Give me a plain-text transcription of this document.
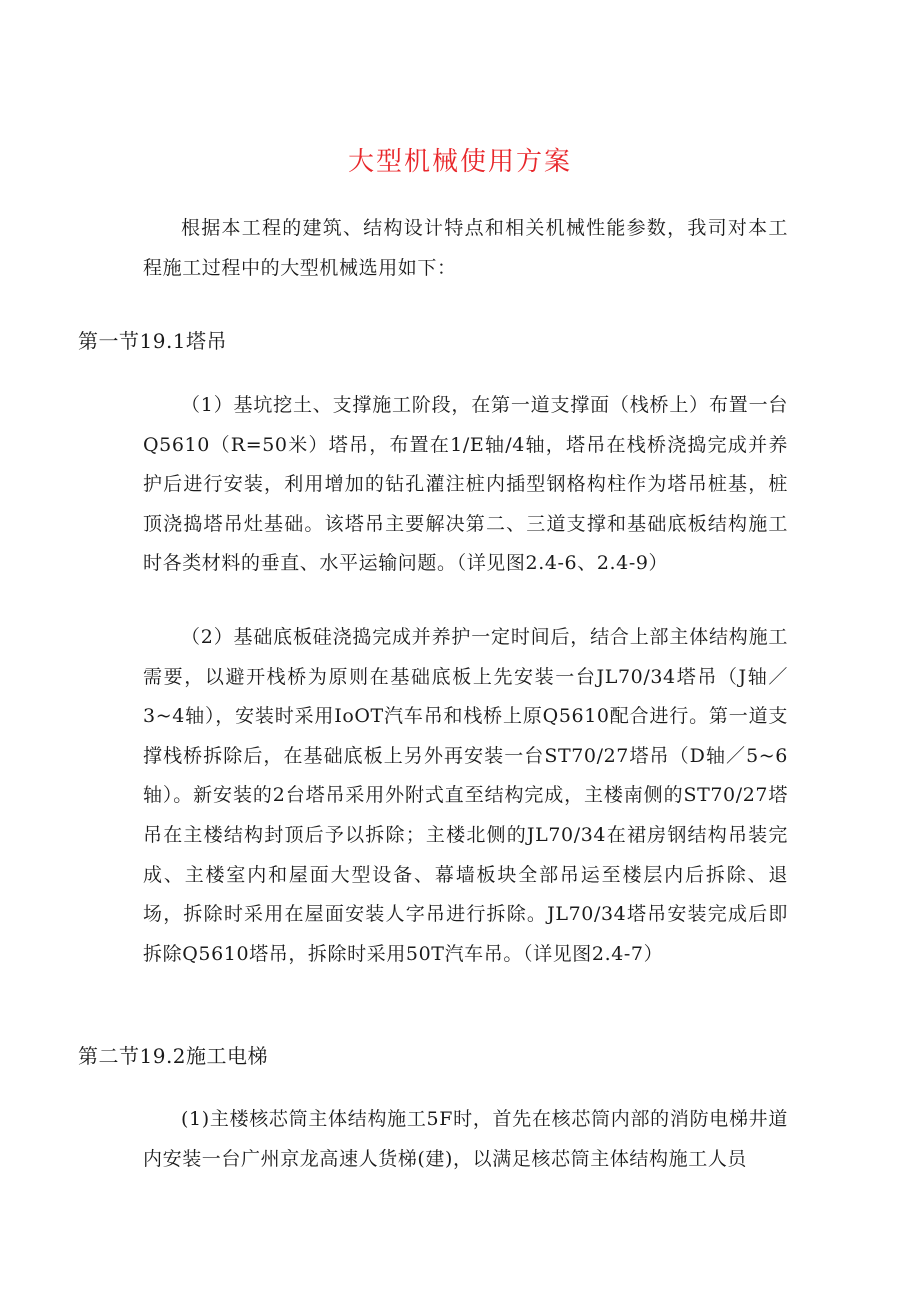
大型机械使用方案

根据本工程的建筑、结构设计特点和相关机械性能参数，我司对本工程施工过程中的大型机械选用如下：

第一节19.1塔吊

（1）基坑挖土、支撑施工阶段，在第一道支撑面（栈桥上）布置一台Q5610（R=50米）塔吊，布置在1/E轴/4轴，塔吊在栈桥浇捣完成并养护后进行安装，利用增加的钻孔灌注桩内插型钢格构柱作为塔吊桩基，桩顶浇捣塔吊灶基础。该塔吊主要解决第二、三道支撑和基础底板结构施工时各类材料的垂直、水平运输问题。（详见图2.4-6、2.4-9）

（2）基础底板硅浇捣完成并养护一定时间后，结合上部主体结构施工需要，以避开栈桥为原则在基础底板上先安装一台JL70/34塔吊（J轴／3~4轴），安装时采用IoOT汽车吊和栈桥上原Q5610配合进行。第一道支撑栈桥拆除后，在基础底板上另外再安装一台ST70/27塔吊（D轴／5~6轴）。新安装的2台塔吊采用外附式直至结构完成，主楼南侧的ST70/27塔吊在主楼结构封顶后予以拆除；主楼北侧的JL70/34在裙房钢结构吊装完成、主楼室内和屋面大型设备、幕墙板块全部吊运至楼层内后拆除、退场，拆除时采用在屋面安装人字吊进行拆除。JL70/34塔吊安装完成后即拆除Q5610塔吊，拆除时采用50T汽车吊。（详见图2.4-7）

第二节19.2施工电梯

(1)主楼核芯筒主体结构施工5F时，首先在核芯筒内部的消防电梯井道内安装一台广州京龙高速人货梯(建)，以满足核芯筒主体结构施工人员
